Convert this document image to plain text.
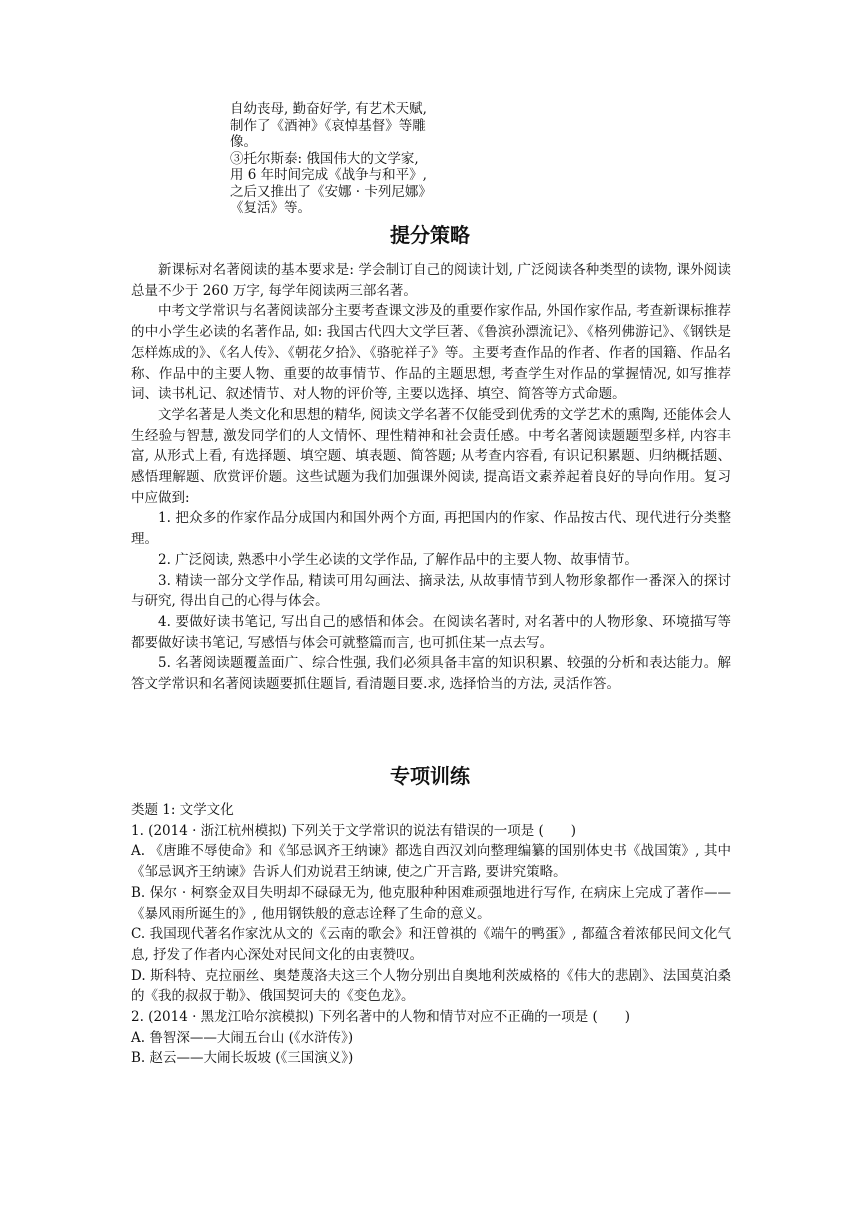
自幼丧母, 勤奋好学, 有艺术天赋,

制作了《酒神》《哀悼基督》等雕

像。

③托尔斯泰: 俄国伟大的文学家,

用 6 年时间完成《战争与和平》,

之后又推出了《安娜 · 卡列尼娜》

《复活》等。

提分策略

新课标对名著阅读的基本要求是: 学会制订自己的阅读计划, 广泛阅读各种类型的读物, 课外阅读总量不少于 260 万字, 每学年阅读两三部名著。

中考文学常识与名著阅读部分主要考查课文涉及的重要作家作品, 外国作家作品, 考查新课标推荐的中小学生必读的名著作品, 如: 我国古代四大文学巨著、《鲁滨孙漂流记》、《格列佛游记》、《钢铁是怎样炼成的》、《名人传》、《朝花夕拾》、《骆驼祥子》等。主要考查作品的作者、作者的国籍、作品名称、作品中的主要人物、重要的故事情节、作品的主题思想, 考查学生对作品的掌握情况, 如写推荐词、读书札记、叙述情节、对人物的评价等, 主要以选择、填空、简答等方式命题。

文学名著是人类文化和思想的精华, 阅读文学名著不仅能受到优秀的文学艺术的熏陶, 还能体会人生经验与智慧, 激发同学们的人文情怀、理性精神和社会责任感。中考名著阅读题题型多样, 内容丰富, 从形式上看, 有选择题、填空题、填表题、简答题; 从考查内容看, 有识记积累题、归纳概括题、感悟理解题、欣赏评价题。这些试题为我们加强课外阅读, 提高语文素养起着良好的导向作用。复习中应做到:

1. 把众多的作家作品分成国内和国外两个方面, 再把国内的作家、作品按古代、现代进行分类整理。

2. 广泛阅读, 熟悉中小学生必读的文学作品, 了解作品中的主要人物、故事情节。

3. 精读一部分文学作品, 精读可用勾画法、摘录法, 从故事情节到人物形象都作一番深入的探讨与研究, 得出自己的心得与体会。

4. 要做好读书笔记, 写出自己的感悟和体会。在阅读名著时, 对名著中的人物形象、环境描写等都要做好读书笔记, 写感悟与体会可就整篇而言, 也可抓住某一点去写。

5. 名著阅读题覆盖面广、综合性强, 我们必须具备丰富的知识积累、较强的分析和表达能力。解答文学常识和名著阅读题要抓住题旨, 看清题目要.求, 选择恰当的方法, 灵活作答。

专项训练

类题 1: 文学文化

1. (2014 · 浙江杭州模拟) 下列关于文学常识的说法有错误的一项是 (　　)

A. 《唐雎不辱使命》和《邹忌讽齐王纳谏》都选自西汉刘向整理编纂的国别体史书《战国策》, 其中《邹忌讽齐王纳谏》告诉人们劝说君王纳谏, 使之广开言路, 要讲究策略。

B. 保尔 · 柯察金双目失明却不碌碌无为, 他克服种种困难顽强地进行写作, 在病床上完成了著作——《暴风雨所诞生的》, 他用钢铁般的意志诠释了生命的意义。

C. 我国现代著名作家沈从文的《云南的歌会》和汪曾祺的《端午的鸭蛋》, 都蕴含着浓郁民间文化气息, 抒发了作者内心深处对民间文化的由衷赞叹。

D. 斯科特、克拉丽丝、奥楚蔑洛夫这三个人物分别出自奥地利茨威格的《伟大的悲剧》、法国莫泊桑的《我的叔叔于勒》、俄国契诃夫的《变色龙》。

2. (2014 · 黑龙江哈尔滨模拟) 下列名著中的人物和情节对应不正确的一项是 (　　)

A. 鲁智深——大闹五台山 (《水浒传》)

B. 赵云——大闹长坂坡 (《三国演义》)
